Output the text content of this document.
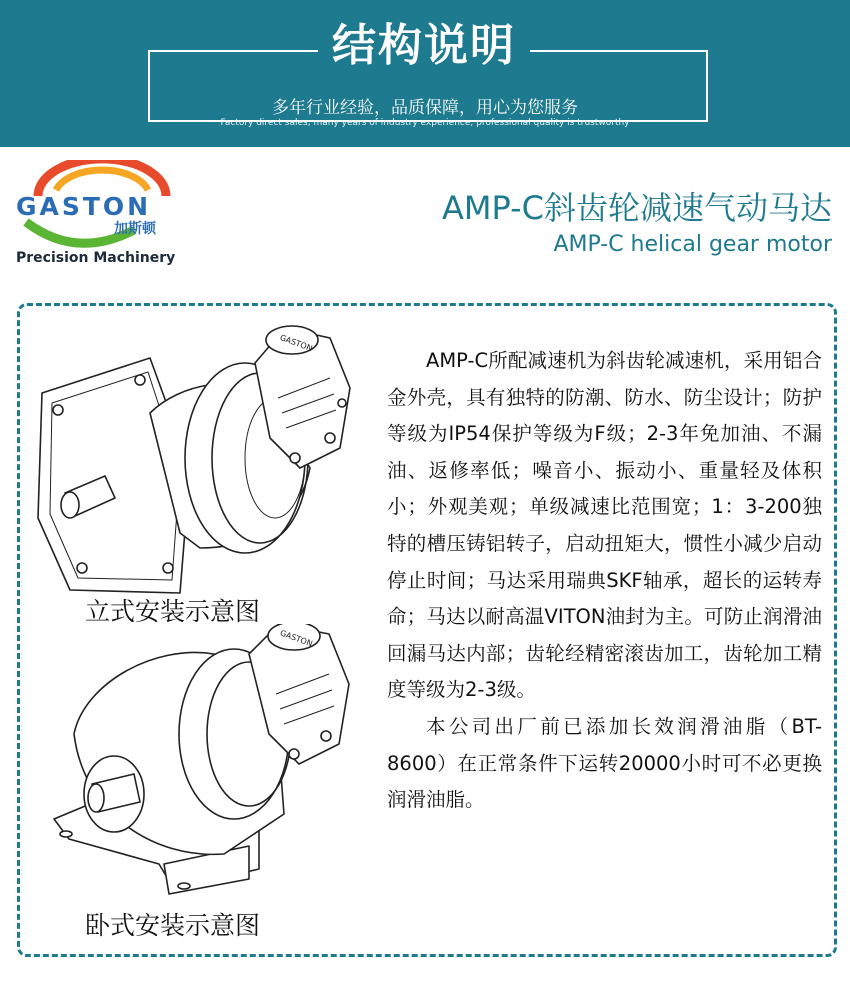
结构说明
多年行业经验，品质保障，用心为您服务
Factory direct sales, many years of industry experience, professional quality is trustworthy
GASTON
加斯顿
Precision Machinery
AMP-C斜齿轮减速气动马达
AMP-C helical gear motor
GASTON
立式安装示意图
GASTON
卧式安装示意图

AMP-C所配减速机为斜齿轮减速机，采用铝合金外壳，具有独特的防潮、防水、防尘设计；防护等级为IP54保护等级为F级；2-3年免加油、不漏油、返修率低；噪音小、振动小、重量轻及体积小；外观美观；单级减速比范围宽；1：3-200独特的槽压铸铝转子，启动扭矩大，惯性小减少启动停止时间；马达采用瑞典SKF轴承，超长的运转寿命；马达以耐高温VITON油封为主。可防止润滑油回漏马达内部；齿轮经精密滚齿加工，齿轮加工精度等级为2-3级。

本公司出厂前已添加长效润滑油脂（BT-8600）在正常条件下运转20000小时可不必更换润滑油脂。
